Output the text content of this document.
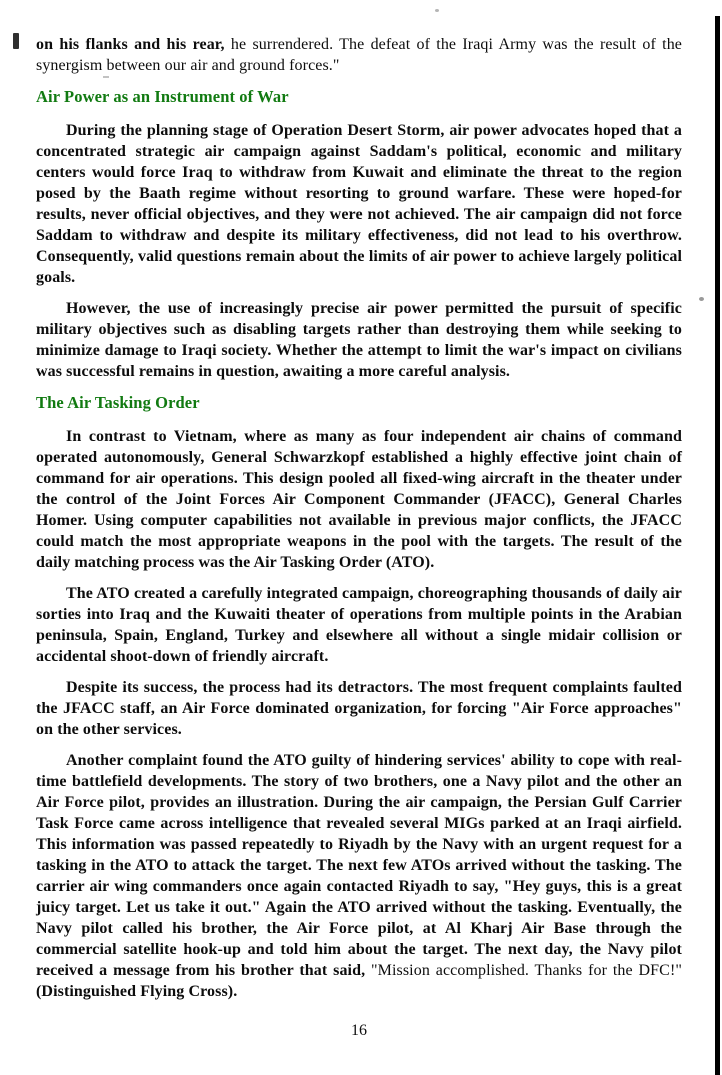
on his flanks and his rear, he surrendered. The defeat of the Iraqi Army was the result of the synergism between our air and ground forces."

Air Power as an Instrument of War

During the planning stage of Operation Desert Storm, air power advocates hoped that a concentrated strategic air campaign against Saddam's political, economic and military centers would force Iraq to withdraw from Kuwait and eliminate the threat to the region posed by the Baath regime without resorting to ground warfare. These were hoped-for results, never official objectives, and they were not achieved. The air campaign did not force Saddam to withdraw and despite its military effectiveness, did not lead to his overthrow. Consequently, valid questions remain about the limits of air power to achieve largely political goals.

However, the use of increasingly precise air power permitted the pursuit of specific military objectives such as disabling targets rather than destroying them while seeking to minimize damage to Iraqi society. Whether the attempt to limit the war's impact on civilians was successful remains in question, awaiting a more careful analysis.

The Air Tasking Order

In contrast to Vietnam, where as many as four independent air chains of command operated autonomously, General Schwarzkopf established a highly effective joint chain of command for air operations. This design pooled all fixed-wing aircraft in the theater under the control of the Joint Forces Air Component Commander (JFACC), General Charles Homer. Using computer capabilities not available in previous major conflicts, the JFACC could match the most appropriate weapons in the pool with the targets. The result of the daily matching process was the Air Tasking Order (ATO).

The ATO created a carefully integrated campaign, choreographing thousands of daily air sorties into Iraq and the Kuwaiti theater of operations from multiple points in the Arabian peninsula, Spain, England, Turkey and elsewhere all without a single midair collision or accidental shoot-down of friendly aircraft.

Despite its success, the process had its detractors. The most frequent complaints faulted the JFACC staff, an Air Force dominated organization, for forcing "Air Force approaches" on the other services.

Another complaint found the ATO guilty of hindering services' ability to cope with real-time battlefield developments. The story of two brothers, one a Navy pilot and the other an Air Force pilot, provides an illustration. During the air campaign, the Persian Gulf Carrier Task Force came across intelligence that revealed several MIGs parked at an Iraqi airfield. This information was passed repeatedly to Riyadh by the Navy with an urgent request for a tasking in the ATO to attack the target. The next few ATOs arrived without the tasking. The carrier air wing commanders once again contacted Riyadh to say, "Hey guys, this is a great juicy target. Let us take it out." Again the ATO arrived without the tasking. Eventually, the Navy pilot called his brother, the Air Force pilot, at Al Kharj Air Base through the commercial satellite hook-up and told him about the target. The next day, the Navy pilot received a message from his brother that said, "Mission accomplished. Thanks for the DFC!" (Distinguished Flying Cross).

16
